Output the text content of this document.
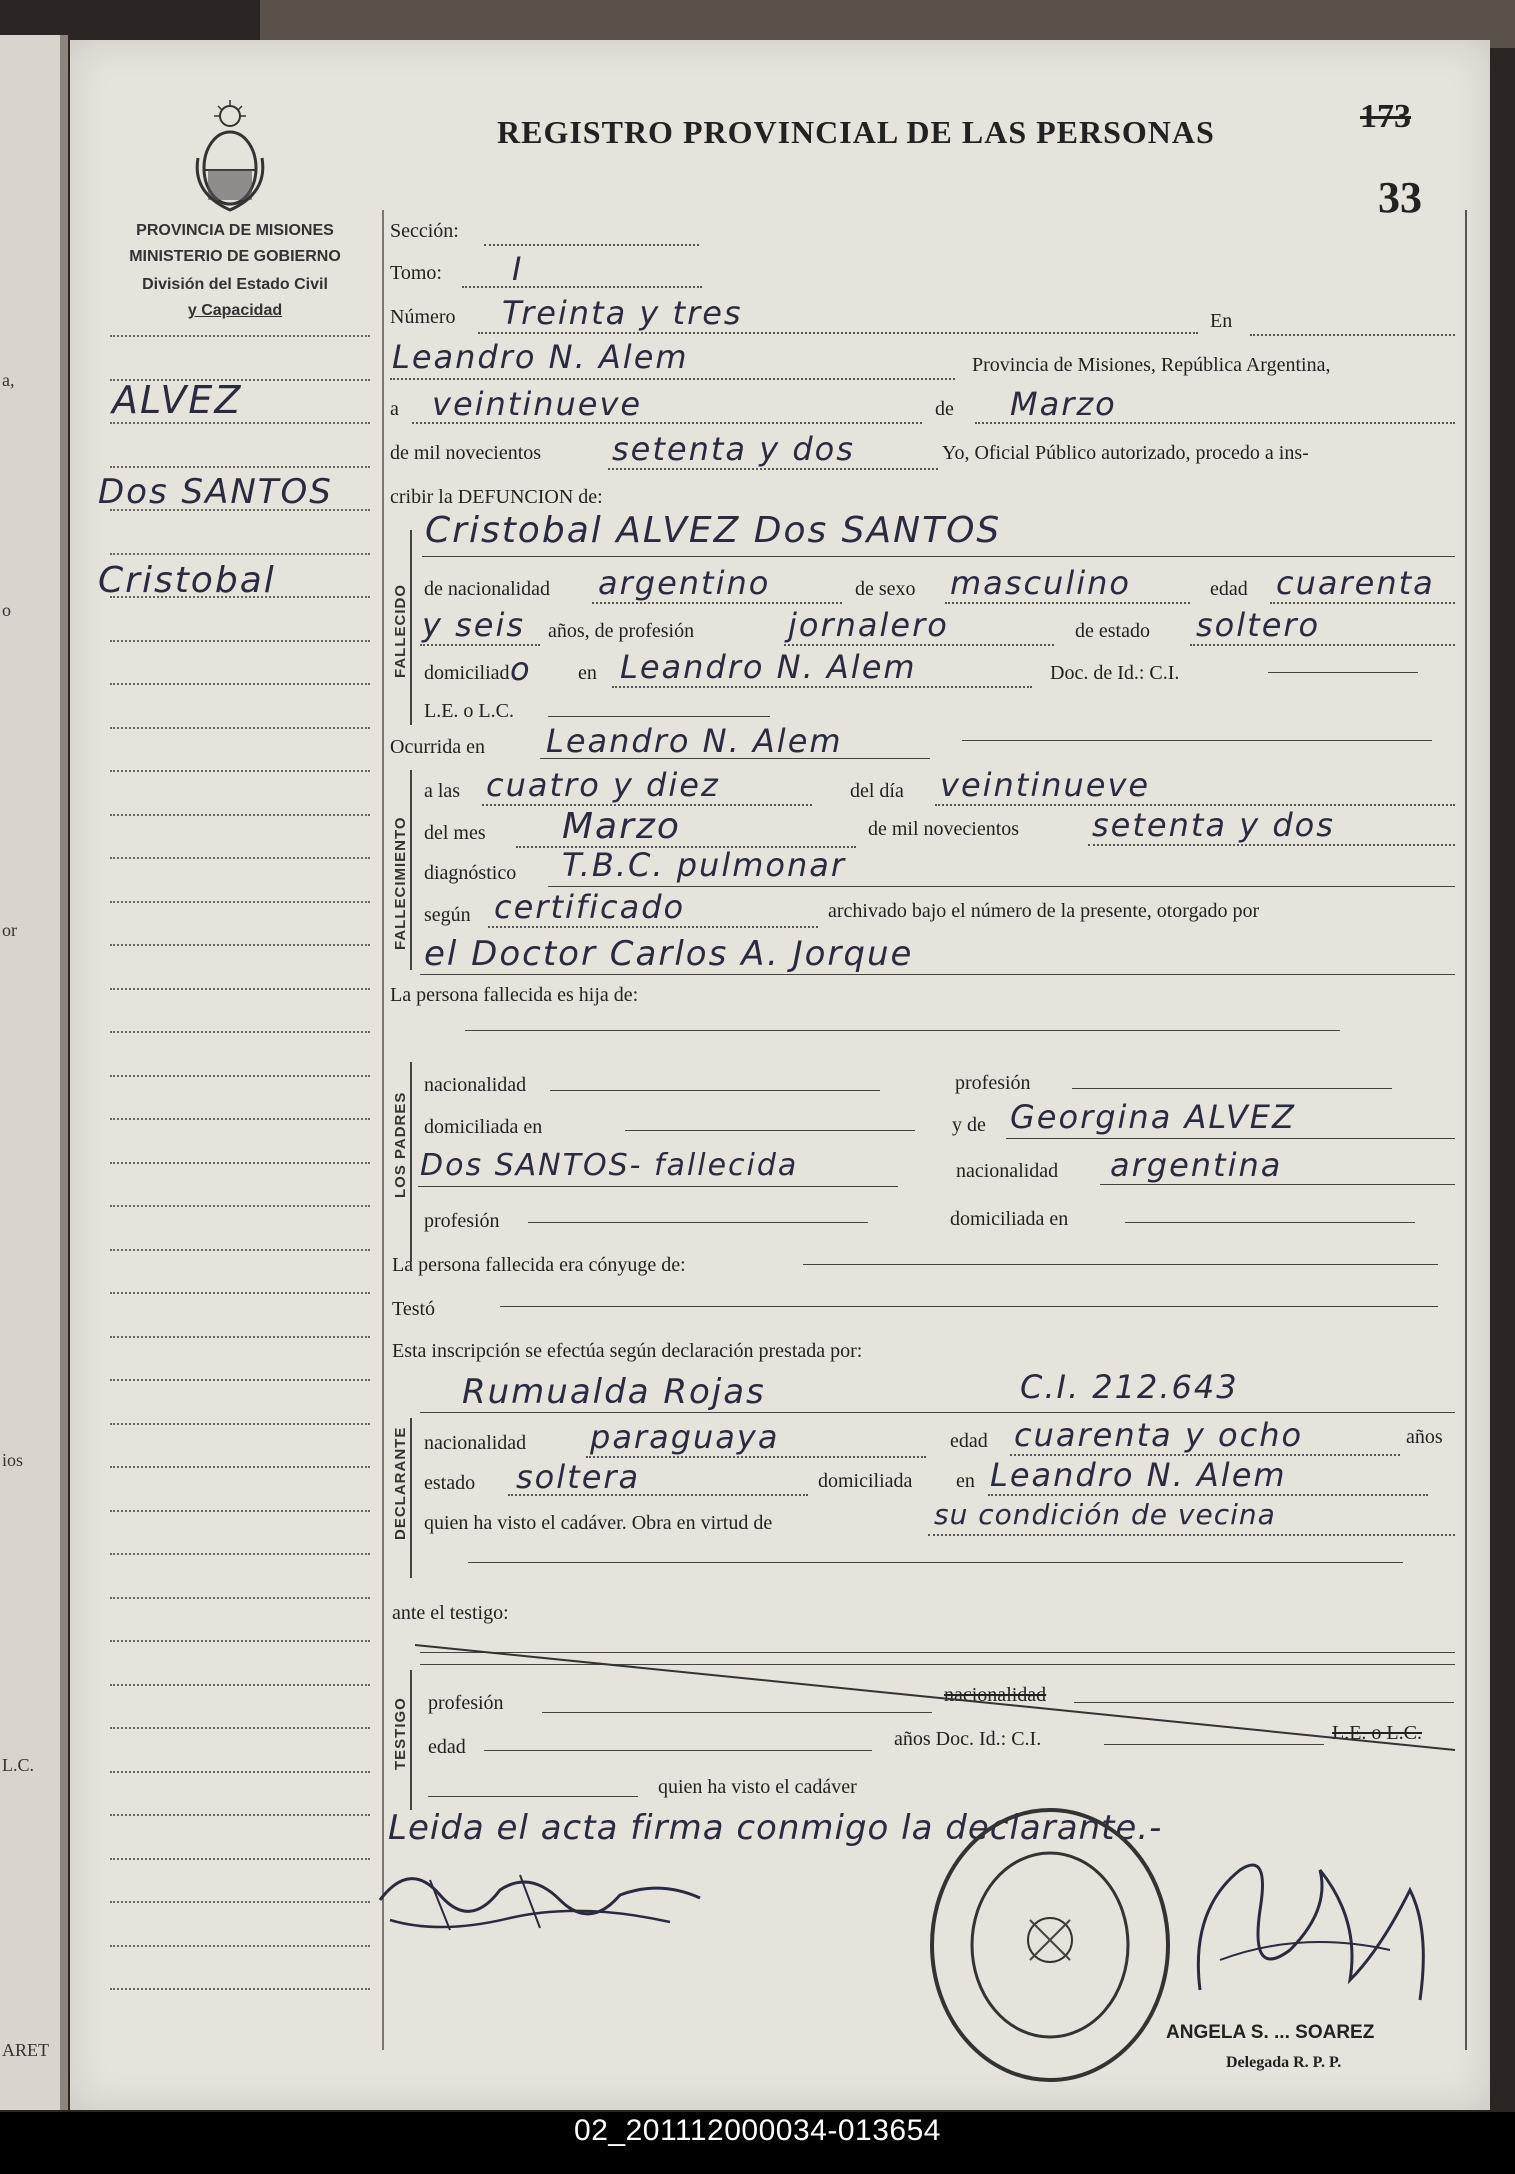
a,
o
or
ios
L.C.
ARET
PROVINCIA DE MISIONES
MINISTERIO DE GOBIERNO
División del Estado Civil
y Capacidad
ALVEZ
Dos SANTOS
Cristobal
REGISTRO PROVINCIAL DE LAS PERSONAS	173
33
Sección:
Tomo: I
Número Treinta y tres	En
Leandro N. Alem	Provincia de Misiones, República Argentina,
a veintinueve	de Marzo
de mil novecientos setenta y dos	Yo, Oficial Público autorizado, procedo a ins-
cribir la DEFUNCION de:
FALLECIDO
Cristobal ALVEZ Dos SANTOS
de nacionalidad argentino	de sexo masculino	edad cuarenta
y seis años, de profesión	jornalero	de estado soltero
domiciliad o en Leandro N. Alem	Doc. de Id.: C.I.
L.E. o L.C.
Ocurrida en Leandro N. Alem
FALLECIMIENTO
a las cuatro y diez	del día veintinueve
del mes Marzo	de mil novecientos setenta y dos
diagnóstico T.B.C. pulmonar
según certificado	archivado bajo el número de la presente, otorgado por
el Doctor Carlos A. Jorque
La persona fallecida es hija de:
LOS PADRES
nacionalidad	profesión
domiciliada en	y de Georgina ALVEZ
Dos SANTOS- fallecida	nacionalidad argentina
profesión	domiciliada en
La persona fallecida era cónyuge de:
Testó
Esta inscripción se efectúa según declaración prestada por:
Rumualda Rojas	C.I. 212.643
DECLARANTE nacionalidad paraguaya	edad cuarenta y ocho	años
estado soltera	domiciliada en Leandro N. Alem
quien ha visto el cadáver. Obra en virtud de	su condición de vecina
ante el testigo:
TESTIGO profesión	nacionalidad
edad	años Doc. Id.: C.I.	L.E. o L.C.
quien ha visto el cadáver
Leida el acta firma conmigo la declarante.-
ANGELA S. ... SOAREZ
Delegada R. P. P.
02_201112000034-013654
